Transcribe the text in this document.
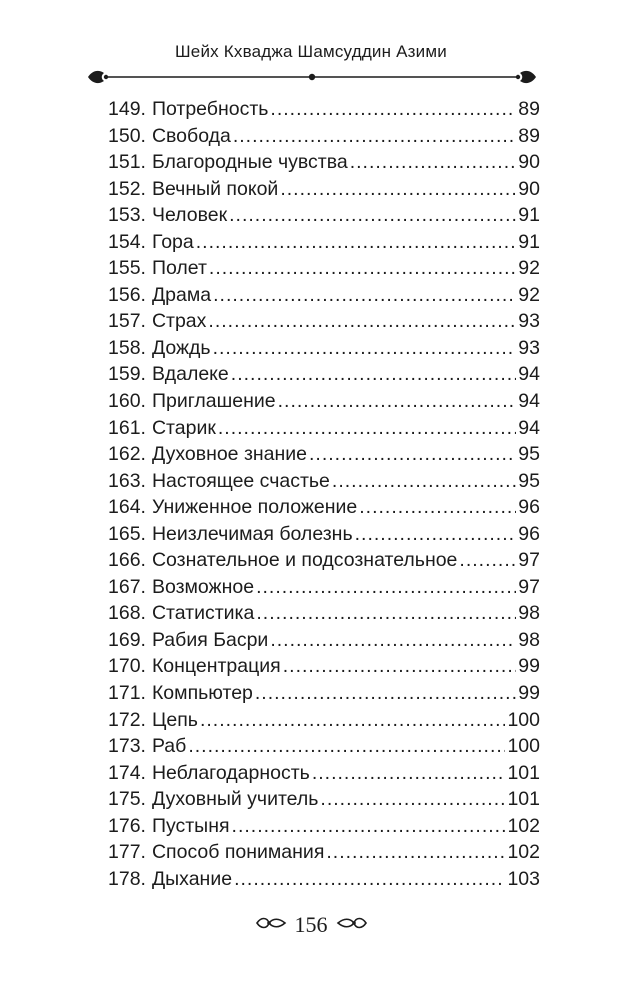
Шейх Кхваджа Шамсуддин Азими
149. Потребность .....	89
150. Свобода .....	89
151. Благородные чувства .....	90
152. Вечный покой .....	90
153. Человек .....	91
154. Гора .....	91
155. Полет .....	92
156. Драма .....	92
157. Страх .....	93
158. Дождь .....	93
159. Вдалеке .....	94
160. Приглашение .....	94
161. Старик .....	94
162. Духовное знание .....	95
163. Настоящее счастье .....	95
164. Униженное положение .....	96
165. Неизлечимая болезнь .....	96
166. Сознательное и подсознательное .....	97
167. Возможное .....	97
168. Статистика .....	98
169. Рабия Басри .....	98
170. Концентрация .....	99
171. Компьютер .....	99
172. Цепь .....	100
173. Раб .....	100
174. Неблагодарность .....	101
175. Духовный учитель .....	101
176. Пустыня .....	102
177. Способ понимания .....	102
178. Дыхание .....	103
156
